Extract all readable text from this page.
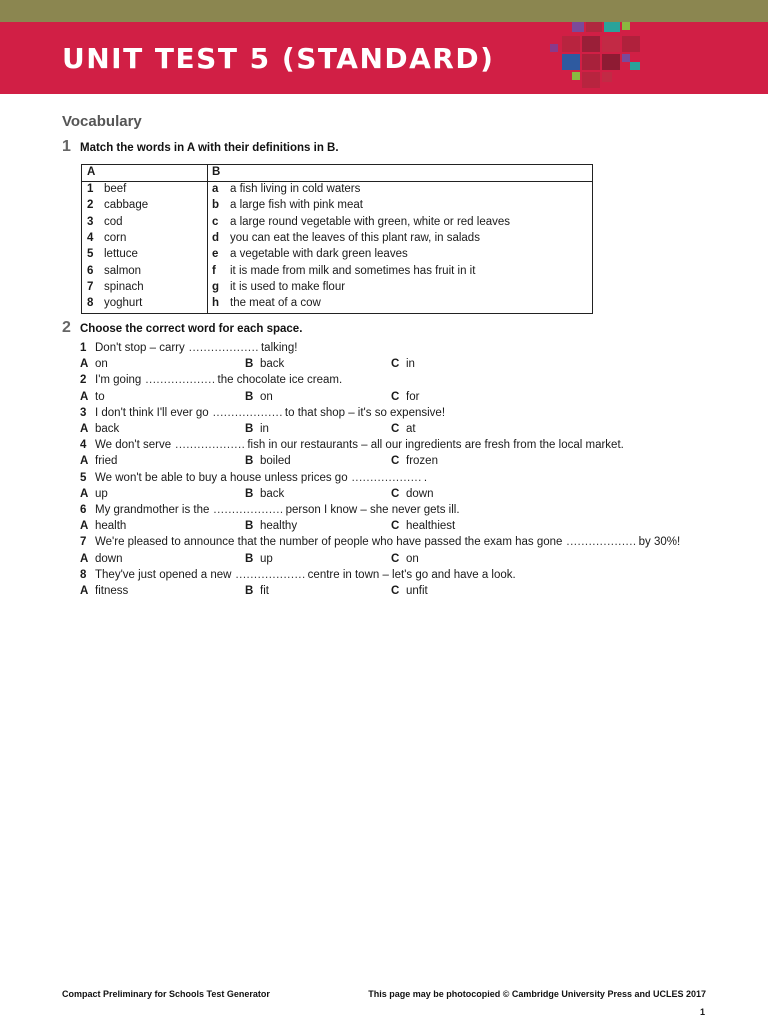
UNIT TEST 5 (STANDARD)
Vocabulary
1 Match the words in A with their definitions in B.
A	B
1 beef	a a fish living in cold waters
2 cabbage	b a large fish with pink meat
3 cod	c a large round vegetable with green, white or red leaves
4 corn	d you can eat the leaves of this plant raw, in salads
5 lettuce	e a vegetable with dark green leaves
6 salmon	f it is made from milk and sometimes has fruit in it
7 spinach	g it is used to make flour
8 yoghurt	h the meat of a cow
2 Choose the correct word for each space.
1 Don't stop – carry ................... talking!
A on	B back	C in
2 I'm going ................... the chocolate ice cream.
A to	B on	C for
3 I don't think I'll ever go ................... to that shop – it's so expensive!
A back	B in	C at
4 We don't serve ................... fish in our restaurants – all our ingredients are fresh from the local market.
A fried	B boiled	C frozen
5 We won't be able to buy a house unless prices go ................... .
A up	B back	C down
6 My grandmother is the ................... person I know – she never gets ill.
A health	B healthy	C healthiest
7 We're pleased to announce that the number of people who have passed the exam has gone ................... by 30%!
A down	B up	C on
8 They've just opened a new ................... centre in town – let's go and have a look.
A fitness	B fit	C unfit
Compact Preliminary for Schools Test Generator	This page may be photocopied © Cambridge University Press and UCLES 2017
1
